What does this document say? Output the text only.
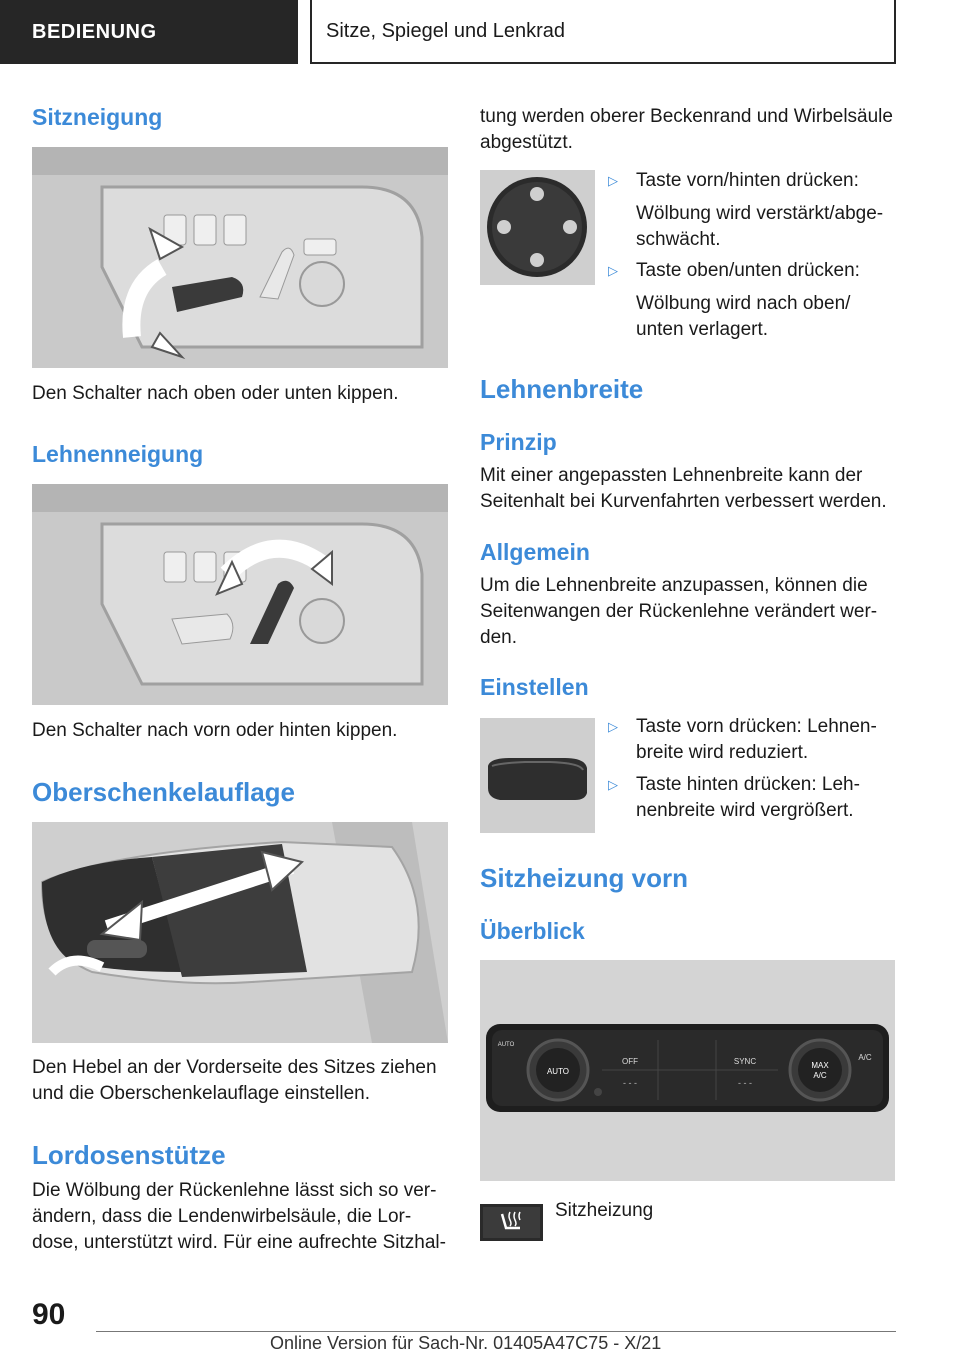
BEDIENUNG	Sitze, Spiegel und Lenkrad
Sitzneigung

Den Schalter nach oben oder unten kippen.

Lehnenneigung

Den Schalter nach vorn oder hinten kippen.

Oberschenkelauflage

Den Hebel an der Vorderseite des Sitzes ziehen

und die Oberschenkelauflage einstellen.

Lordosenstütze

Die Wölbung der Rückenlehne lässt sich so ver-

ändern, dass die Lendenwirbelsäule, die Lor-

dose, unterstützt wird. Für eine aufrechte Sitzhal-

tung werden oberer Beckenrand und Wirbelsäule

abgestützt.

▷ Taste vorn/hinten drücken:
Wölbung wird verstärkt/abge-
schwächt.
▷ Taste oben/unten drücken:
Wölbung wird nach oben/
unten verlagert.
Lehnenbreite
Prinzip

Mit einer angepassten Lehnenbreite kann der

Seitenhalt bei Kurvenfahrten verbessert werden.

Allgemein

Um die Lehnenbreite anzupassen, können die

Seitenwangen der Rückenlehne verändert wer-

den.

Einstellen
▷ Taste vorn drücken: Lehnen-
breite wird reduziert.
▷ Taste hinten drücken: Leh-
nenbreite wird vergrößert.
Sitzheizung vorn
Überblick
AUTO
MAX
A/C
OFF	SYNC	A/C
AUTO
- - -	- - -

Sitzheizung

90
Online Version für Sach-Nr. 01405A47C75 - X/21
